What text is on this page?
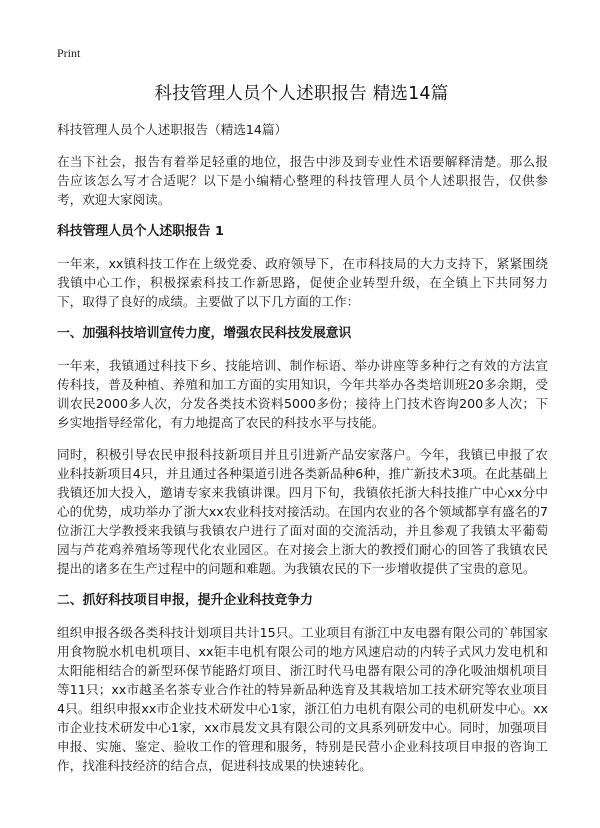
Print
科技管理人员个人述职报告 精选14篇

科技管理人员个人述职报告（精选14篇）

在当下社会，报告有着举足轻重的地位，报告中涉及到专业性术语要解释清楚。那么报告应该怎么写才合适呢？以下是小编精心整理的科技管理人员个人述职报告，仅供参考，欢迎大家阅读。

科技管理人员个人述职报告 1

一年来，xx镇科技工作在上级党委、政府领导下，在市科技局的大力支持下，紧紧围绕我镇中心工作，积极探索科技工作新思路，促使企业转型升级，在全镇上下共同努力下，取得了良好的成绩。主要做了以下几方面的工作：

一、加强科技培训宣传力度，增强农民科技发展意识

一年来，我镇通过科技下乡、技能培训、制作标语、举办讲座等多种行之有效的方法宣传科技，普及种植、养殖和加工方面的实用知识，今年共举办各类培训班20多余期，受训农民2000多人次，分发各类技术资料5000多份；接待上门技术咨询200多人次；下乡实地指导经常化，有力地提高了农民的科技水平与技能。

同时，积极引导农民申报科技新项目并且引进新产品安家落户。今年，我镇已申报了农业科技新项目4只，并且通过各种渠道引进各类新品种6种，推广新技术3项。在此基础上我镇还加大投入，邀请专家来我镇讲课。四月下旬，我镇依托浙大科技推广中心xx分中心的优势，成功举办了浙大xx农业科技对接活动。在国内农业的各个领域都享有盛名的7位浙江大学教授来我镇与我镇农户进行了面对面的交流活动，并且参观了我镇太平葡萄园与芦花鸡养殖场等现代化农业园区。在对接会上浙大的教授们耐心的回答了我镇农民提出的诸多在生产过程中的问题和难题。为我镇农民的下一步增收提供了宝贵的意见。

二、抓好科技项目申报，提升企业科技竞争力

组织申报各级各类科技计划项目共计15只。工业项目有浙江中友电器有限公司的`韩国家用食物脱水机电机项目、xx钜丰电机有限公司的地方风速启动的内转子式风力发电机和太阳能相结合的新型环保节能路灯项目、浙江时代马电器有限公司的净化吸油烟机项目等11只；xx市越圣名茶专业合作社的特异新品种选育及其栽培加工技术研究等农业项目4只。组织申报xx市企业技术研发中心1家，浙江伯力电机有限公司的电机研发中心。xx市企业技术研发中心1家，xx市晨发文具有限公司的文具系列研发中心。同时，加强项目申报、实施、鉴定、验收工作的管理和服务，特别是民营小企业科技项目申报的咨询工作，找准科技经济的结合点，促进科技成果的快速转化。
